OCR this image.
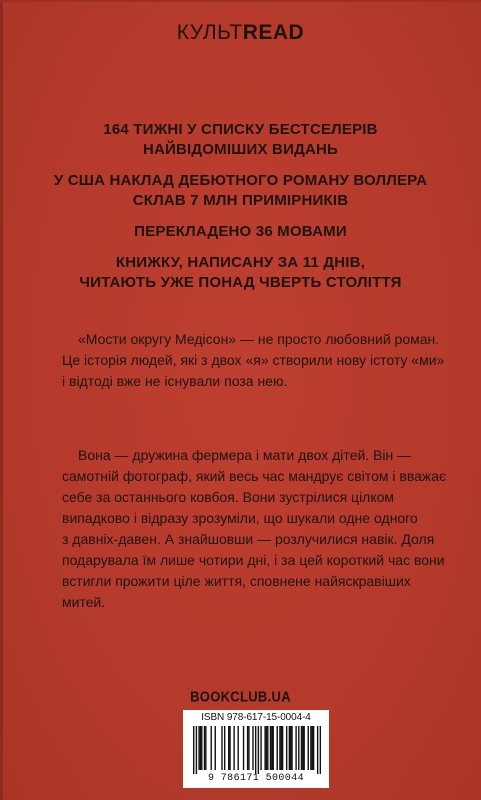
КУЛЬТREAD
164 ТИЖНІ У СПИСКУ БЕСТСЕЛЕРІВ
НАЙВІДОМІШИХ ВИДАНЬ
У США НАКЛАД ДЕБЮТНОГО РОМАНУ ВОЛЛЕРА
СКЛАВ 7 МЛН ПРИМІРНИКІВ
ПЕРЕКЛАДЕНО 36 МОВАМИ
КНИЖКУ, НАПИСАНУ ЗА 11 ДНІВ,
ЧИТАЮТЬ УЖЕ ПОНАД ЧВЕРТЬ СТОЛІТТЯ
«Мости округу Медісон» — не просто любовний роман.
Це історія людей, які з двох «я» створили нову істоту «ми»
і відтоді вже не існували поза нею.
Вона — дружина фермера і мати двох дітей. Він —
самотній фотограф, який весь час мандрує світом і вважає
себе за останнього ковбоя. Вони зустрілися цілком
випадково і відразу зрозуміли, що шукали одне одного
з давніх-давен. А знайшовши — розлучилися навік. Доля
подарувала їм лише чотири дні, і за цей короткий час вони
встигли прожити ціле життя, сповнене найяскравіших
митей.
BOOKCLUB.UA
ISBN 978-617-15-0004-4
9 786171 500044
